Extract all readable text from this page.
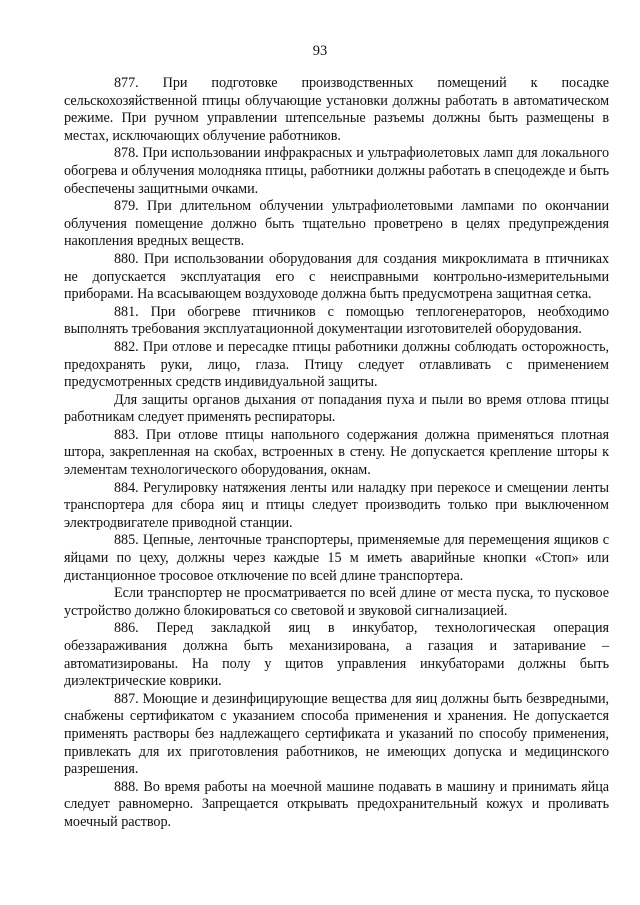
93

877. При подготовке производственных помещений к посадке сельскохозяйственной птицы облучающие установки должны работать в автоматическом режиме. При ручном управлении штепсельные разъемы должны быть размещены в местах, исключающих облучение работников.

878. При использовании инфракрасных и ультрафиолетовых ламп для локального обогрева и облучения молодняка птицы, работники должны работать в спецодежде и быть обеспечены защитными очками.

879. При длительном облучении ультрафиолетовыми лампами по окончании облучения помещение должно быть тщательно проветрено в целях предупреждения накопления вредных веществ.

880. При использовании оборудования для создания микроклимата в птичниках не допускается эксплуатация его с неисправными контрольно-измерительными приборами. На всасывающем воздуховоде должна быть предусмотрена защитная сетка.

881. При обогреве птичников с помощью теплогенераторов, необходимо выполнять требования эксплуатационной документации изготовителей оборудования.

882. При отлове и пересадке птицы работники должны соблюдать осторожность, предохранять руки, лицо, глаза. Птицу следует отлавливать с применением предусмотренных средств индивидуальной защиты.

Для защиты органов дыхания от попадания пуха и пыли во время отлова птицы работникам следует применять респираторы.

883. При отлове птицы напольного содержания должна применяться плотная штора, закрепленная на скобах, встроенных в стену. Не допускается крепление шторы к элементам технологического оборудования, окнам.

884. Регулировку натяжения ленты или наладку при перекосе и смещении ленты транспортера для сбора яиц и птицы следует производить только при выключенном электродвигателе приводной станции.

885. Цепные, ленточные транспортеры, применяемые для перемещения ящиков с яйцами по цеху, должны через каждые 15 м иметь аварийные кнопки «Стоп» или дистанционное тросовое отключение по всей длине транспортера.

Если транспортер не просматривается по всей длине от места пуска, то пусковое устройство должно блокироваться со световой и звуковой сигнализацией.

886. Перед закладкой яиц в инкубатор, технологическая операция обеззараживания должна быть механизирована, а газация и затаривание – автоматизированы. На полу у щитов управления инкубаторами должны быть диэлектрические коврики.

887. Моющие и дезинфицирующие вещества для яиц должны быть безвредными, снабжены сертификатом с указанием способа применения и хранения. Не допускается применять растворы без надлежащего сертификата и указаний по способу применения, привлекать для их приготовления работников, не имеющих допуска и медицинского разрешения.

888. Во время работы на моечной машине подавать в машину и принимать яйца следует равномерно. Запрещается открывать предохранительный кожух и проливать моечный раствор.
